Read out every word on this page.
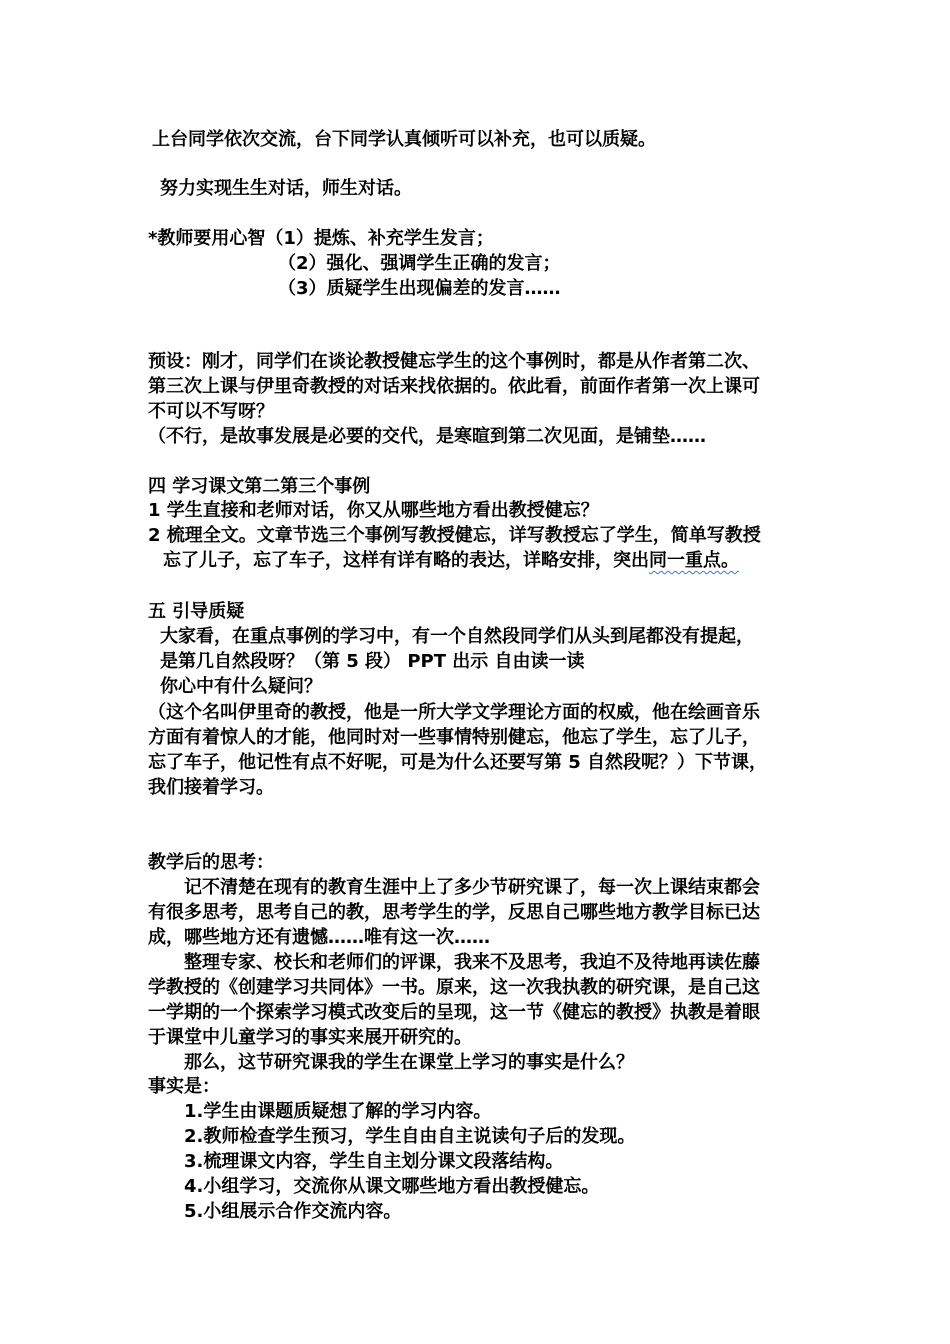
上台同学依次交流，台下同学认真倾听可以补充，也可以质疑。
努力实现生生对话，师生对话。
*教师要用心智（1）提炼、补充学生发言；
（2）强化、强调学生正确的发言；
（3）质疑学生出现偏差的发言……
预设：刚才，同学们在谈论教授健忘学生的这个事例时，都是从作者第二次、
第三次上课与伊里奇教授的对话来找依据的。依此看，前面作者第一次上课可
不可以不写呀？
（不行，是故事发展是必要的交代，是寒暄到第二次见面，是铺垫……
四 学习课文第二第三个事例
1 学生直接和老师对话，你又从哪些地方看出教授健忘？
2 梳理全文。文章节选三个事例写教授健忘，详写教授忘了学生，简单写教授
忘了儿子，忘了车子，这样有详有略的表达，详略安排，突出同一重点。
五 引导质疑
大家看，在重点事例的学习中，有一个自然段同学们从头到尾都没有提起，
是第几自然段呀？（第 5 段） PPT 出示 自由读一读
你心中有什么疑问？
（这个名叫伊里奇的教授，他是一所大学文学理论方面的权威，他在绘画音乐
方面有着惊人的才能，他同时对一些事情特别健忘，他忘了学生，忘了儿子，
忘了车子，他记性有点不好呢，可是为什么还要写第 5 自然段呢？）下节课，
我们接着学习。
教学后的思考：
记不清楚在现有的教育生涯中上了多少节研究课了，每一次上课结束都会
有很多思考，思考自己的教，思考学生的学，反思自己哪些地方教学目标已达
成，哪些地方还有遗憾……唯有这一次……
整理专家、校长和老师们的评课，我来不及思考，我迫不及待地再读佐藤
学教授的《创建学习共同体》一书。原来，这一次我执教的研究课，是自己这
一学期的一个探索学习模式改变后的呈现，这一节《健忘的教授》执教是着眼
于课堂中儿童学习的事实来展开研究的。
那么，这节研究课我的学生在课堂上学习的事实是什么？
事实是：
1.学生由课题质疑想了解的学习内容。
2.教师检查学生预习，学生自由自主说读句子后的发现。
3.梳理课文内容，学生自主划分课文段落结构。
4.小组学习，交流你从课文哪些地方看出教授健忘。
5.小组展示合作交流内容。
